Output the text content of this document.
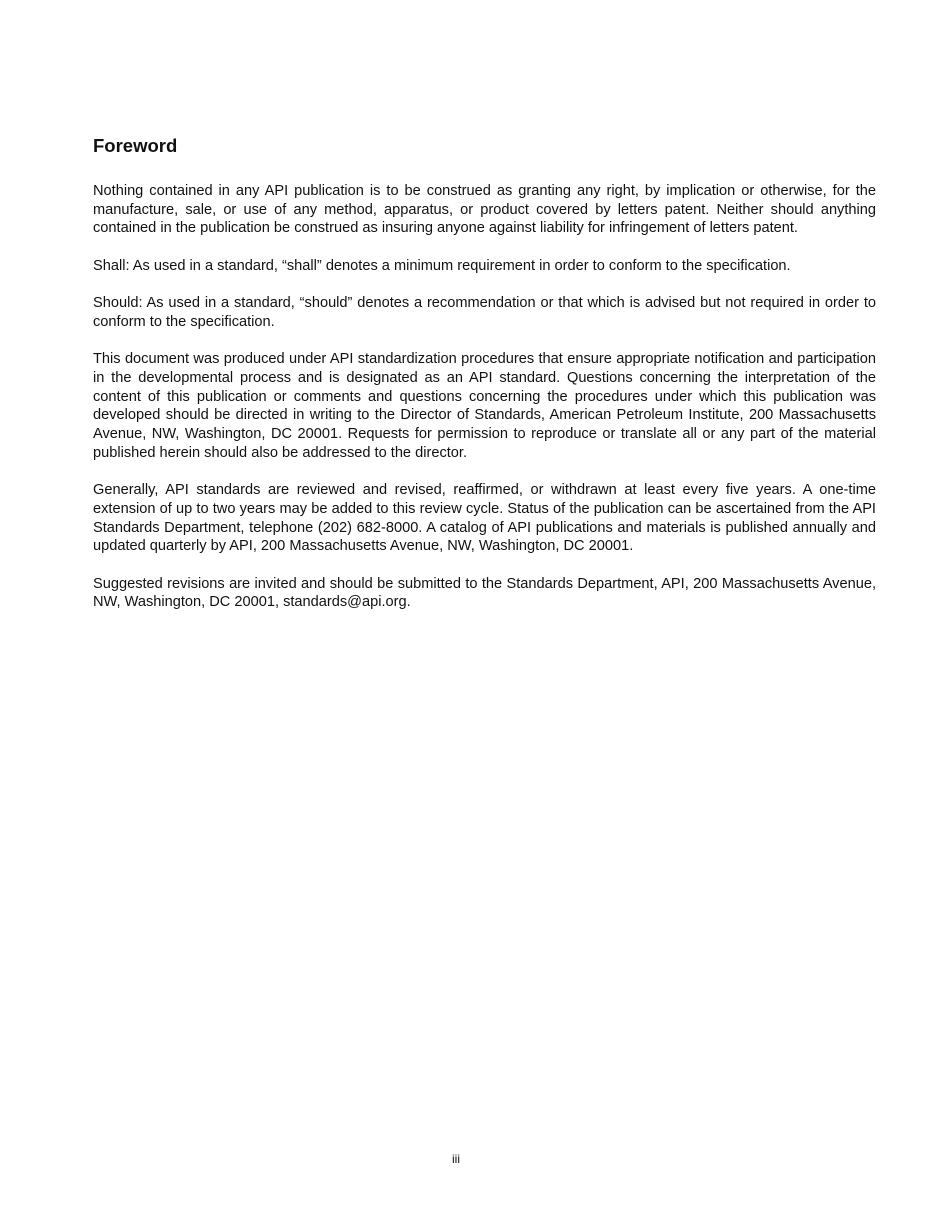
Foreword

Nothing contained in any API publication is to be construed as granting any right, by implication or otherwise, for the manufacture, sale, or use of any method, apparatus, or product covered by letters patent. Neither should anything contained in the publication be construed as insuring anyone against liability for infringement of letters patent.

Shall: As used in a standard, “shall” denotes a minimum requirement in order to conform to the specification.

Should: As used in a standard, “should” denotes a recommendation or that which is advised but not required in order to conform to the specification.

This document was produced under API standardization procedures that ensure appropriate notification and participation in the developmental process and is designated as an API standard. Questions concerning the interpretation of the content of this publication or comments and questions concerning the procedures under which this publication was developed should be directed in writing to the Director of Standards, American Petroleum Institute, 200 Massachusetts Avenue, NW, Washington, DC 20001. Requests for permission to reproduce or translate all or any part of the material published herein should also be addressed to the director.

Generally, API standards are reviewed and revised, reaffirmed, or withdrawn at least every five years. A one-time extension of up to two years may be added to this review cycle. Status of the publication can be ascertained from the API Standards Department, telephone (202) 682-8000. A catalog of API publications and materials is published annually and updated quarterly by API, 200 Massachusetts Avenue, NW, Washington, DC 20001.

Suggested revisions are invited and should be submitted to the Standards Department, API, 200 Massachusetts Avenue, NW, Washington, DC 20001, standards@api.org.

iii
